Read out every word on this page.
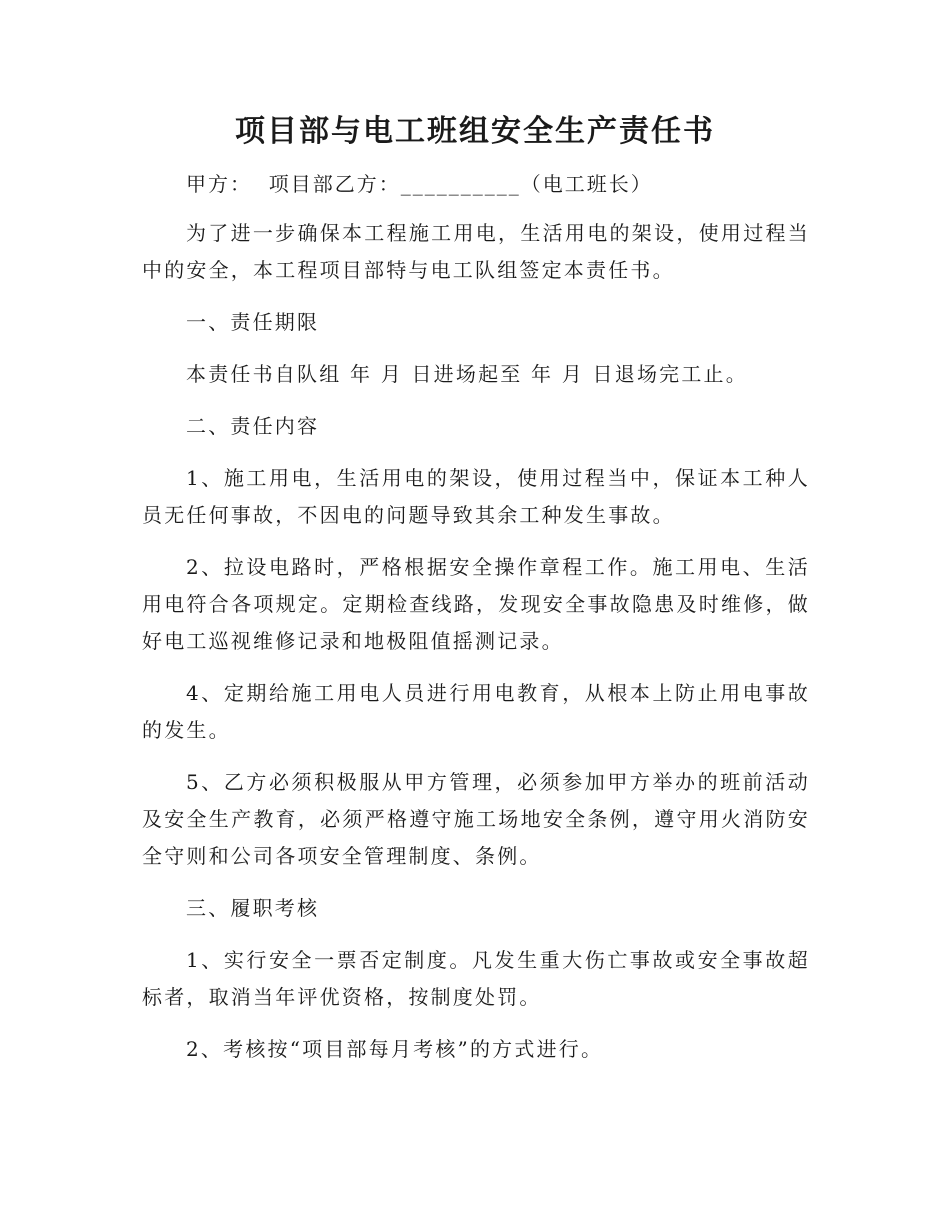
项目部与电工班组安全生产责任书
甲方：  项目部乙方：__________（电工班长）

为了进一步确保本工程施工用电，生活用电的架设，使用过程当中的安全，本工程项目部特与电工队组签定本责任书。

一、责任期限

本责任书自队组 年 月 日进场起至 年 月 日退场完工止。

二、责任内容

1、施工用电，生活用电的架设，使用过程当中，保证本工种人员无任何事故，不因电的问题导致其余工种发生事故。

2、拉设电路时，严格根据安全操作章程工作。施工用电、生活用电符合各项规定。定期检查线路，发现安全事故隐患及时维修，做好电工巡视维修记录和地极阻值摇测记录。

4、定期给施工用电人员进行用电教育，从根本上防止用电事故的发生。

5、乙方必须积极服从甲方管理，必须参加甲方举办的班前活动及安全生产教育，必须严格遵守施工场地安全条例，遵守用火消防安全守则和公司各项安全管理制度、条例。

三、履职考核

1、实行安全一票否定制度。凡发生重大伤亡事故或安全事故超标者，取消当年评优资格，按制度处罚。

2、考核按“项目部每月考核”的方式进行。
